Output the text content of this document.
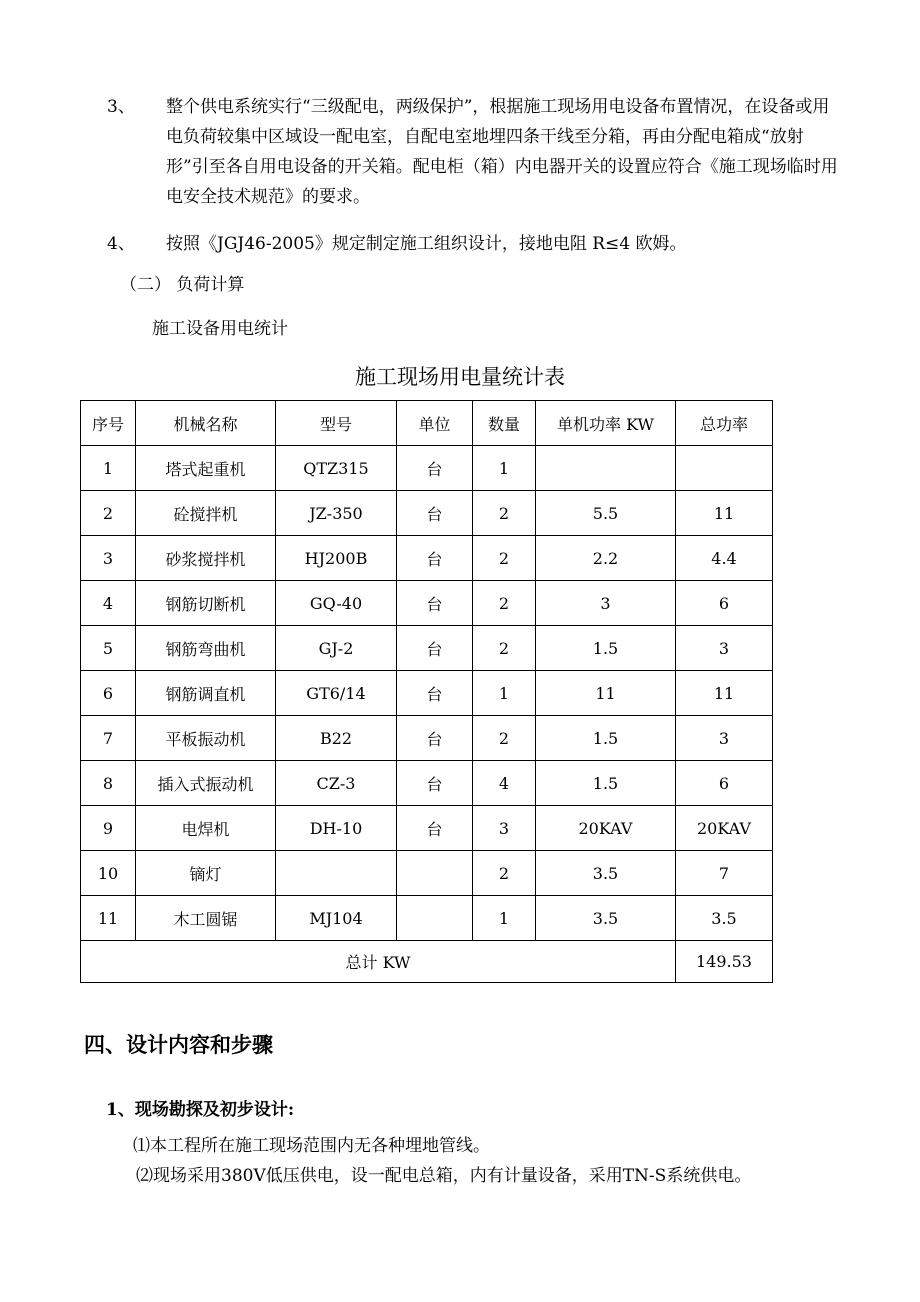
3、 整个供电系统实行“三级配电，两级保护”，根据施工现场用电设备布置情况，在设备或用电负荷较集中区域设一配电室，自配电室地埋四条干线至分箱，再由分配电箱成“放射形”引至各自用电设备的开关箱。配电柜（箱）内电器开关的设置应符合《施工现场临时用电安全技术规范》的要求。
4、 按照《JGJ46-2005》规定制定施工组织设计，接地电阻 R≤4 欧姆。
（二） 负荷计算
施工设备用电统计
施工现场用电量统计表
序号	机械名称	型号	单位	数量	单机功率 KW	总功率
1	塔式起重机	QTZ315	台	1		
2	砼搅拌机	JZ-350	台	2	5.5	11
3	砂浆搅拌机	HJ200B	台	2	2.2	4.4
4	钢筋切断机	GQ-40	台	2	3	6
5	钢筋弯曲机	GJ-2	台	2	1.5	3
6	钢筋调直机	GT6/14	台	1	11	11
7	平板振动机	B22	台	2	1.5	3
8	插入式振动机	CZ-3	台	4	1.5	6
9	电焊机	DH-10	台	3	20KAV	20KAV
10	镝灯			2	3.5	7
11	木工圆锯	MJ104		1	3.5	3.5
总计 KW						149.53
四、设计内容和步骤
1、现场勘探及初步设计:
⑴本工程所在施工现场范围内无各种埋地管线。
⑵现场采用380V低压供电，设一配电总箱，内有计量设备，采用TN-S系统供电。
